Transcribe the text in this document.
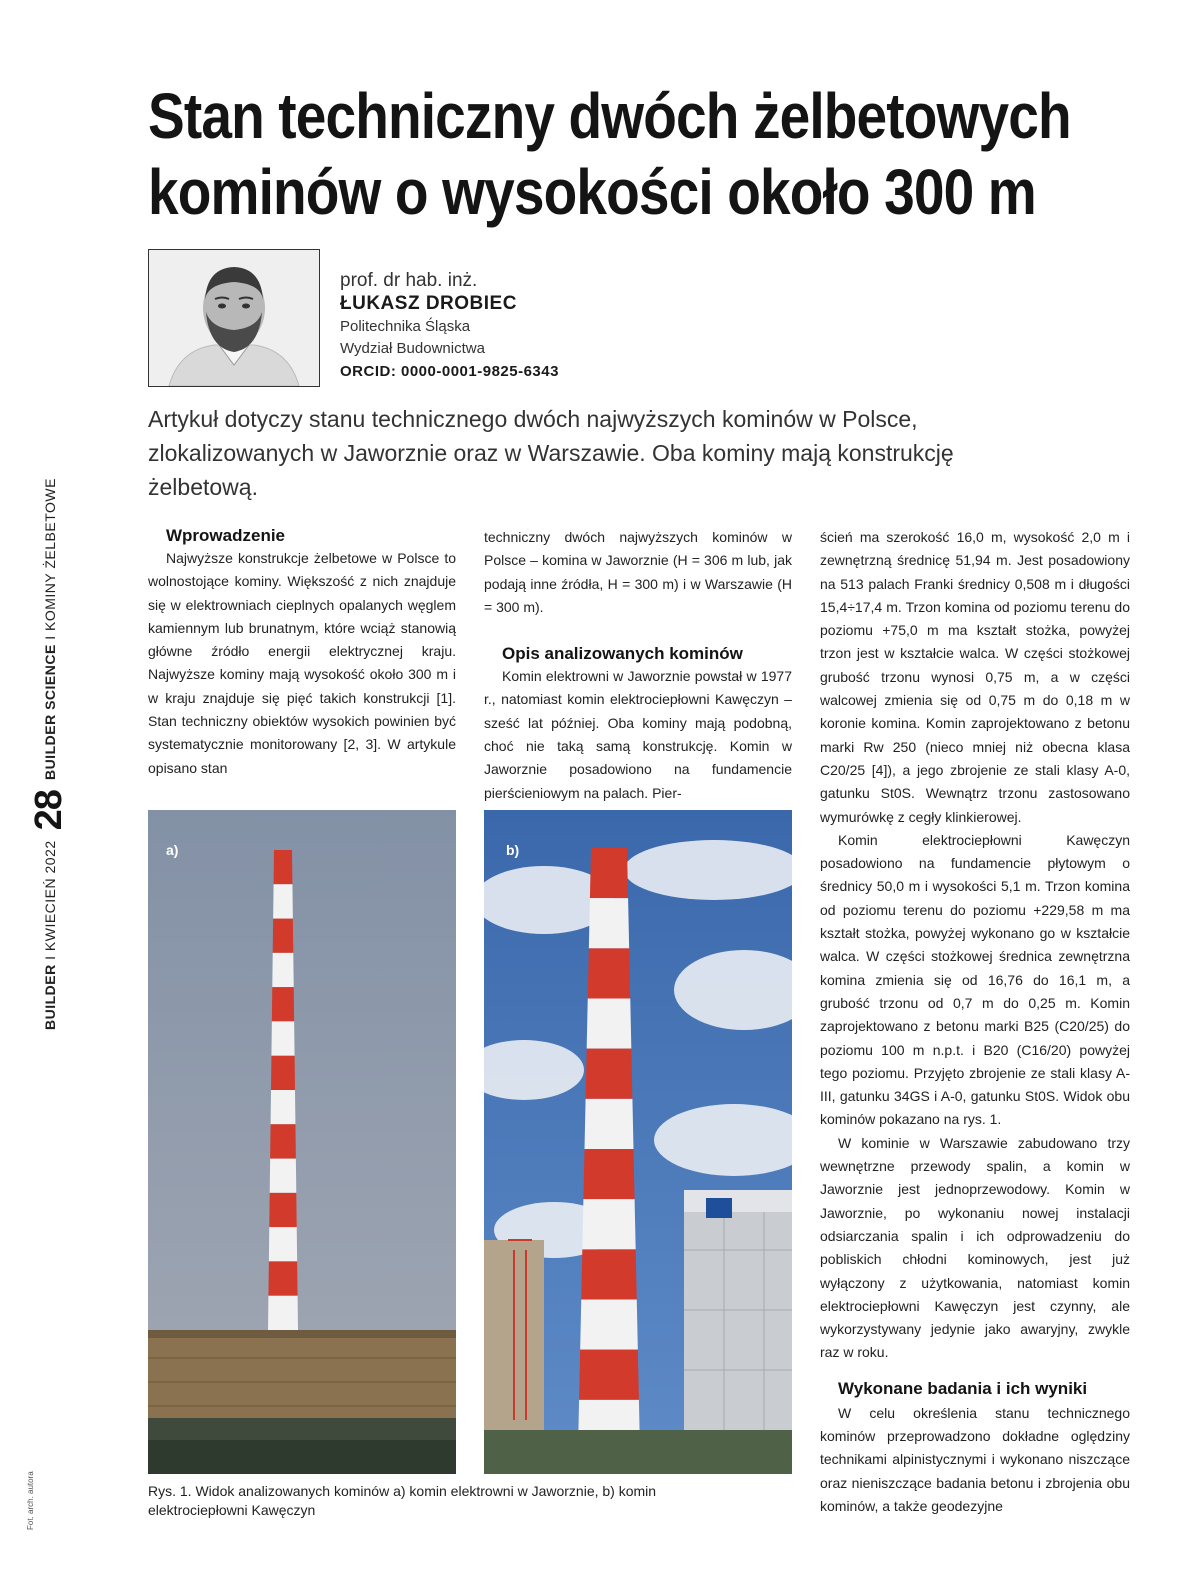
Stan techniczny dwóch żelbetowych
kominów o wysokości około 300 m
prof. dr hab. inż.
ŁUKASZ DROBIEC
Politechnika Śląska
Wydział Budownictwa
ORCID: 0000-0001-9825-6343

Artykuł dotyczy stanu technicznego dwóch najwyższych kominów w Polsce, zlokalizowanych w Jaworznie oraz w Warszawie. Oba kominy mają konstrukcję żelbetową.

BUILDER I KWIECIEŃ 2022
28
BUILDER SCIENCE I KOMINY ŻELBETOWE
Fot. arch. autora
Wprowadzenie

Najwyższe konstrukcje żelbetowe w Polsce to wolnostojące kominy. Większość z nich znajduje się w elektrowniach cieplnych opalanych węglem kamiennym lub brunatnym, które wciąż stanowią główne źródło energii elektrycznej kraju. Najwyższe kominy mają wysokość około 300 m i w kraju znajduje się pięć takich konstrukcji [1]. Stan techniczny obiektów wysokich powinien być systematycznie monitorowany [2, 3]. W artykule opisano stan

techniczny dwóch najwyższych kominów w Polsce – komina w Jaworznie (H = 306 m lub, jak podają inne źródła, H = 300 m) i w Warszawie (H = 300 m).

Opis analizowanych kominów

Komin elektrowni w Jaworznie powstał w 1977 r., natomiast komin elektrociepłowni Kawęczyn – sześć lat później. Oba kominy mają podobną, choć nie taką samą konstrukcję. Komin w Jaworznie posadowiono na fundamencie pierścieniowym na palach. Pier-

ścień ma szerokość 16,0 m, wysokość 2,0 m i zewnętrzną średnicę 51,94 m. Jest posadowiony na 513 palach Franki średnicy 0,508 m i długości 15,4÷17,4 m. Trzon komina od poziomu terenu do poziomu +75,0 m ma kształt stożka, powyżej trzon jest w kształcie walca. W części stożkowej grubość trzonu wynosi 0,75 m, a w części walcowej zmienia się od 0,75 m do 0,18 m w koronie komina. Komin zaprojektowano z betonu marki Rw 250 (nieco mniej niż obecna klasa C20/25 [4]), a jego zbrojenie ze stali klasy A-0, gatunku St0S. Wewnątrz trzonu zastosowano wymurówkę z cegły klinkierowej.

Komin elektrociepłowni Kawęczyn posadowiono na fundamencie płytowym o średnicy 50,0 m i wysokości 5,1 m. Trzon komina od poziomu terenu do poziomu +229,58 m ma kształt stożka, powyżej wykonano go w kształcie walca. W części stożkowej średnica zewnętrzna komina zmienia się od 16,76 do 16,1 m, a grubość trzonu od 0,7 m do 0,25 m. Komin zaprojektowano z betonu marki B25 (C20/25) do poziomu 100 m n.p.t. i B20 (C16/20) powyżej tego poziomu. Przyjęto zbrojenie ze stali klasy A-III, gatunku 34GS i A-0, gatunku St0S. Widok obu kominów pokazano na rys. 1.

W kominie w Warszawie zabudowano trzy wewnętrzne przewody spalin, a komin w Jaworznie jest jednoprzewodowy. Komin w Jaworznie, po wykonaniu nowej instalacji odsiarczania spalin i ich odprowadzeniu do pobliskich chłodni kominowych, jest już wyłączony z użytkowania, natomiast komin elektrociepłowni Kawęczyn jest czynny, ale wykorzystywany jedynie jako awaryjny, zwykle raz w roku.

Wykonane badania i ich wyniki

W celu określenia stanu technicznego kominów przeprowadzono dokładne oględziny technikami alpinistycznymi i wykonano niszczące oraz nieniszczące badania betonu i zbrojenia obu kominów, a także geodezyjne

a)	b)
Rys. 1. Widok analizowanych kominów a) komin elektrowni w Jaworznie, b) komin elektrociepłowni Kawęczyn
